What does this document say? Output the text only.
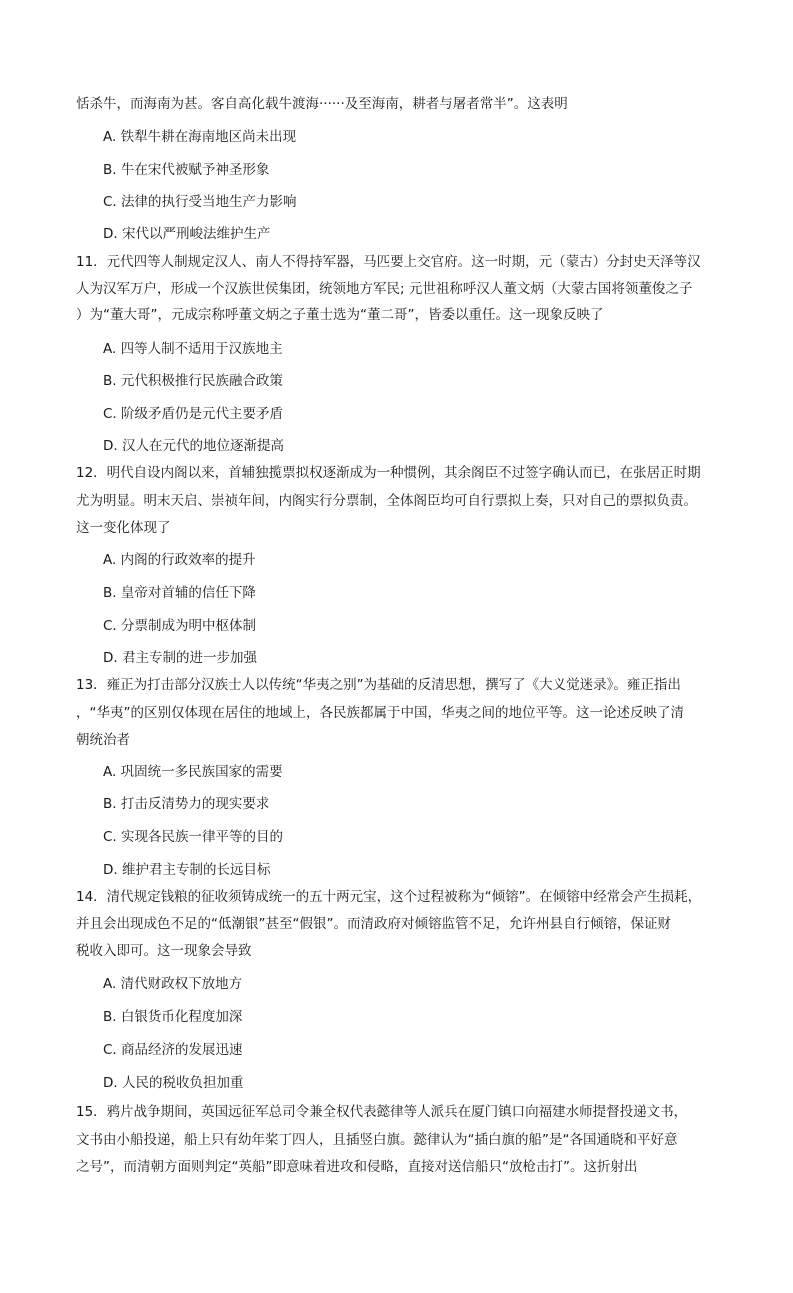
恬杀牛，而海南为甚。客自高化载牛渡海······及至海南，耕者与屠者常半”。这表明
A. 铁犁牛耕在海南地区尚未出现
B. 牛在宋代被赋予神圣形象
C. 法律的执行受当地生产力影响
D. 宋代以严刑峻法维护生产
11．元代四等人制规定汉人、南人不得持军器，马匹要上交官府。这一时期，元（蒙古）分封史天泽等汉
人为汉军万户，形成一个汉族世侯集团，统领地方军民; 元世祖称呼汉人董文炳（大蒙古国将领董俊之子
）为“董大哥”，元成宗称呼董文炳之子董士选为“董二哥”，皆委以重任。这一现象反映了
A. 四等人制不适用于汉族地主
B. 元代积极推行民族融合政策
C. 阶级矛盾仍是元代主要矛盾
D. 汉人在元代的地位逐渐提高
12．明代自设内阁以来，首辅独揽票拟权逐渐成为一种惯例，其余阁臣不过签字确认而已，在张居正时期
尤为明显。明末天启、崇祯年间，内阁实行分票制，全体阁臣均可自行票拟上奏，只对自己的票拟负责。
这一变化体现了
A. 内阁的行政效率的提升
B. 皇帝对首辅的信任下降
C. 分票制成为明中枢体制
D. 君主专制的进一步加强
13．雍正为打击部分汉族士人以传统“华夷之别”为基础的反清思想，撰写了《大义觉迷录》。雍正指出
，“华夷”的区别仅体现在居住的地域上，各民族都属于中国，华夷之间的地位平等。这一论述反映了清
朝统治者
A. 巩固统一多民族国家的需要
B. 打击反清势力的现实要求
C. 实现各民族一律平等的目的
D. 维护君主专制的长远目标
14．清代规定钱粮的征收须铸成统一的五十两元宝，这个过程被称为“倾镕”。在倾镕中经常会产生损耗，
并且会出现成色不足的“低潮银”甚至“假银”。而清政府对倾镕监管不足，允许州县自行倾镕，保证财
税收入即可。这一现象会导致
A. 清代财政权下放地方
B. 白银货币化程度加深
C. 商品经济的发展迅速
D. 人民的税收负担加重
15．鸦片战争期间，英国远征军总司令兼全权代表懿律等人派兵在厦门镇口向福建水师提督投递文书，
文书由小船投递，船上只有幼年桨丁四人，且插竖白旗。懿律认为“插白旗的船”是“各国通晓和平好意
之号”，而清朝方面则判定“英船”即意味着进攻和侵略，直接对送信船只“放枪击打”。这折射出
